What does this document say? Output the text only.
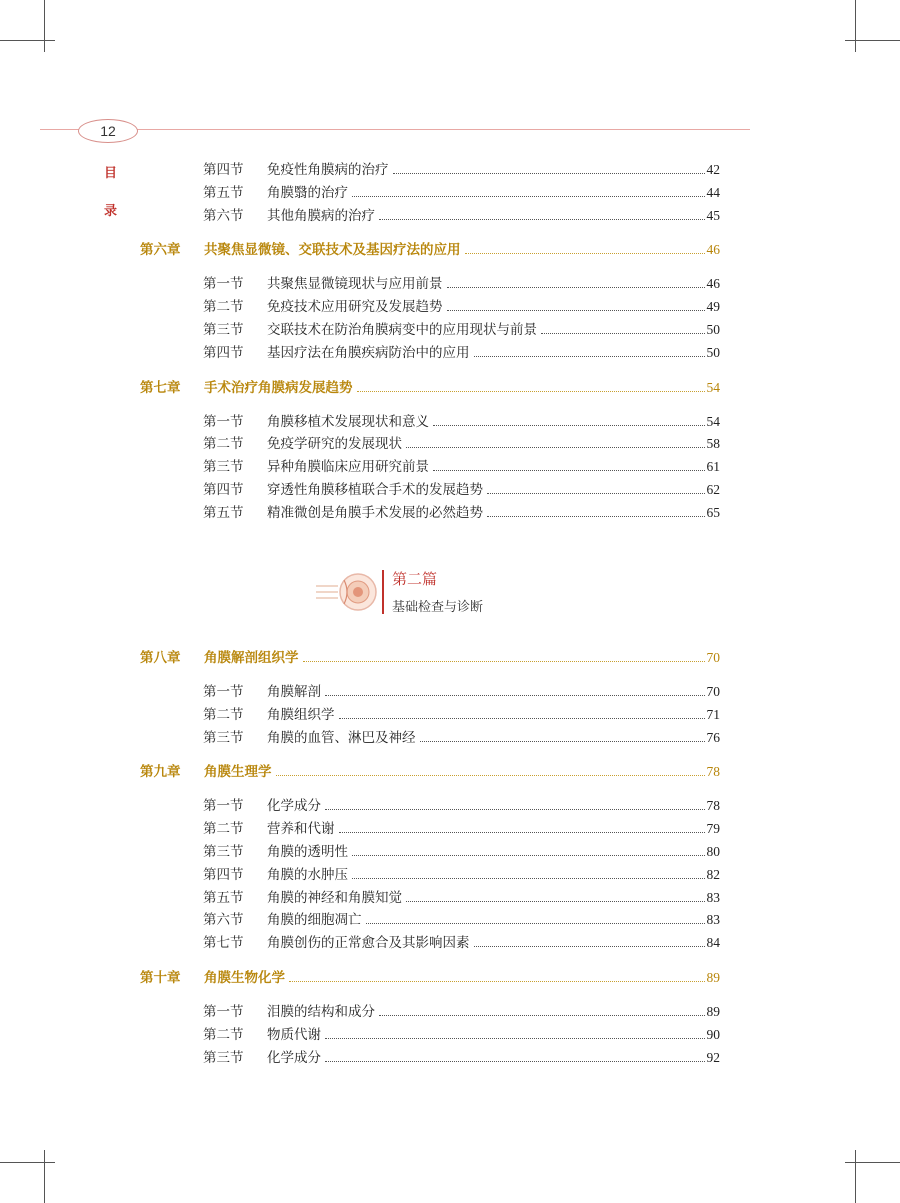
12
目
录
第四节	免疫性角膜病的治疗	42
第五节	角膜翳的治疗	44
第六节	其他角膜病的治疗	45
第六章	共聚焦显微镜、交联技术及基因疗法的应用	46
第一节	共聚焦显微镜现状与应用前景	46
第二节	免疫技术应用研究及发展趋势	49
第三节	交联技术在防治角膜病变中的应用现状与前景	50
第四节	基因疗法在角膜疾病防治中的应用	50
第七章	手术治疗角膜病发展趋势	54
第一节	角膜移植术发展现状和意义	54
第二节	免疫学研究的发展现状	58
第三节	异种角膜临床应用研究前景	61
第四节	穿透性角膜移植联合手术的发展趋势	62
第五节	精准微创是角膜手术发展的必然趋势	65
第二篇
基础检查与诊断
第八章	角膜解剖组织学	70
第一节	角膜解剖	70
第二节	角膜组织学	71
第三节	角膜的血管、淋巴及神经	76
第九章	角膜生理学	78
第一节	化学成分	78
第二节	营养和代谢	79
第三节	角膜的透明性	80
第四节	角膜的水肿压	82
第五节	角膜的神经和角膜知觉	83
第六节	角膜的细胞凋亡	83
第七节	角膜创伤的正常愈合及其影响因素	84
第十章	角膜生物化学	89
第一节	泪膜的结构和成分	89
第二节	物质代谢	90
第三节	化学成分	92
